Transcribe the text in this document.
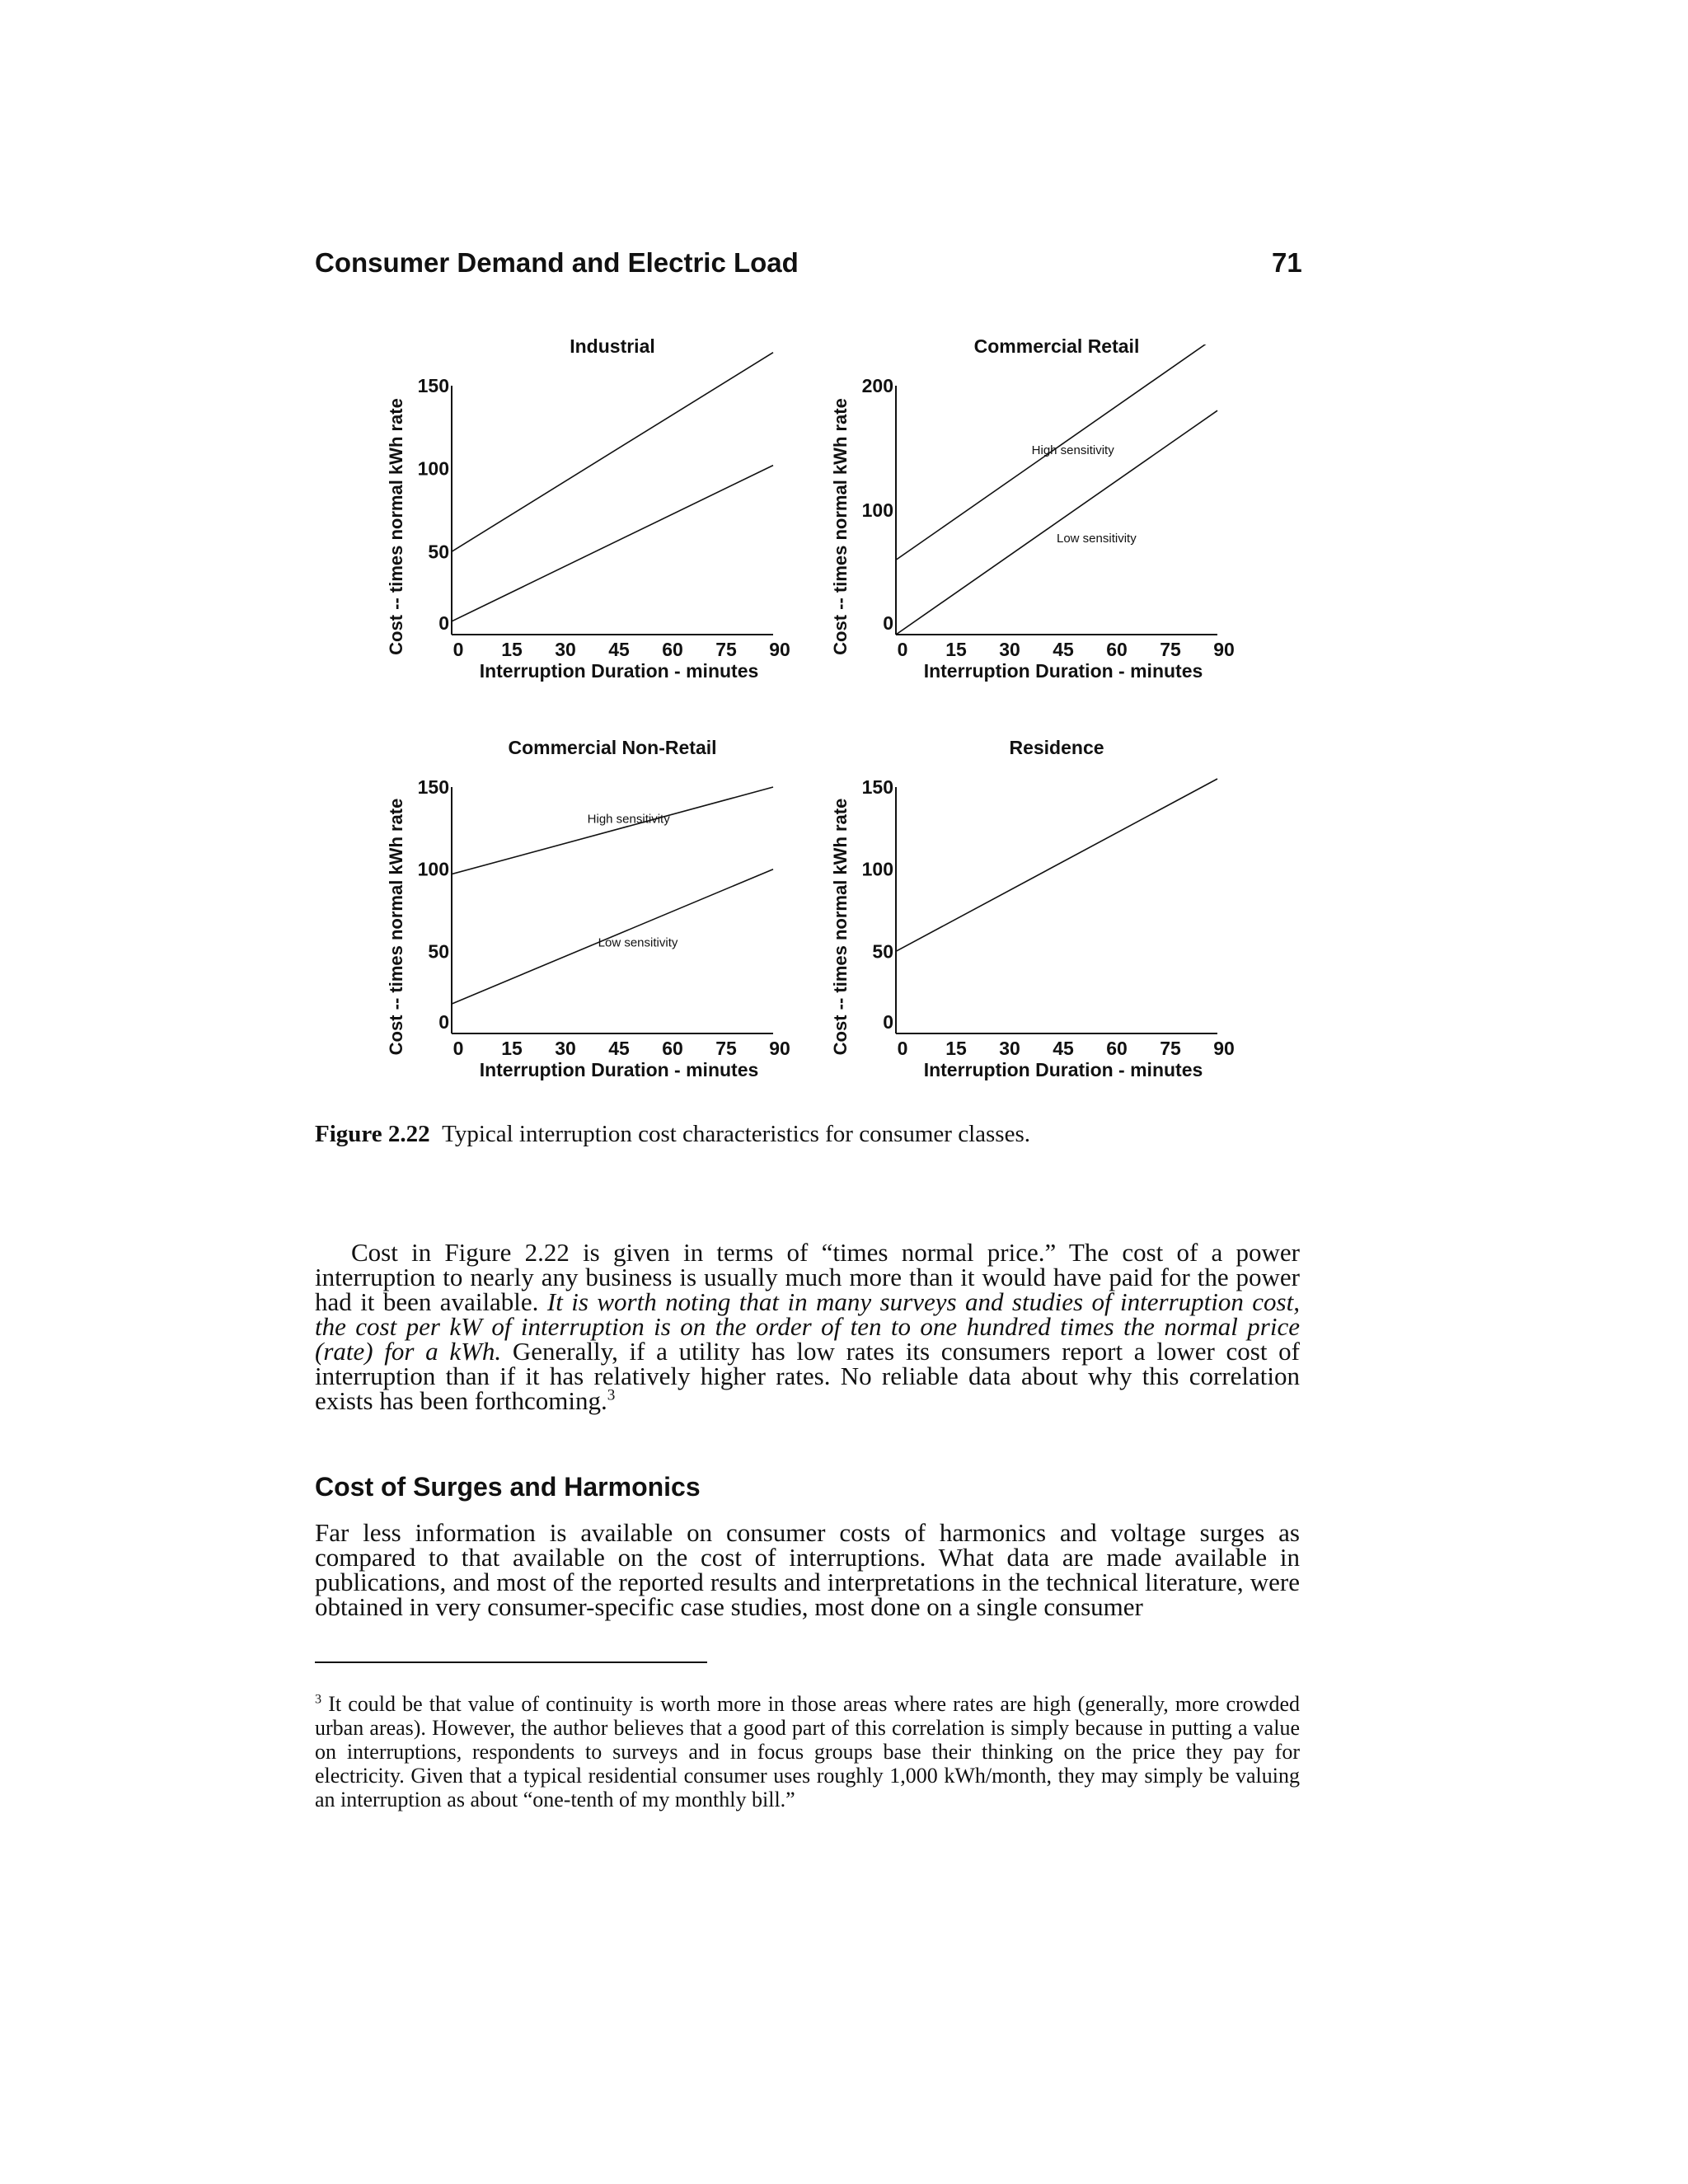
Consumer Demand and Electric Load	71
Industrial
0 15 30 45 60 75 90
0
50
100
150
Interruption Duration - minutes
Cost -- times normal kWh rate
Commercial Retail
0 15 30 45 60 75 90
0
100
200
Interruption Duration - minutes
Cost -- times normal kWh rate	High sensitivity
Low sensitivity
Commercial Non-Retail
0 15 30 45 60 75 90
0
50
100
150
Interruption Duration - minutes
Cost -- times normal kWh rate	High sensitivity
Low sensitivity
Residence
0 15 30 45 60 75 90
0
50
100
150
Interruption Duration - minutes
Cost -- times normal kWh rate
Figure 2.22 Typical interruption cost characteristics for consumer classes.
Cost in Figure 2.22 is given in terms of “times normal price.” The cost of a power interruption to nearly any business is usually much more than it would have paid for the power had it been available. It is worth noting that in many surveys and studies of interruption cost, the cost per kW of interruption is on the order of ten to one hundred times the normal price (rate) for a kWh. Generally, if a utility has low rates its consumers report a lower cost of interruption than if it has relatively higher rates. No reliable data about why this correlation exists has been forthcoming.$^3$
Cost of Surges and Harmonics
Far less information is available on consumer costs of harmonics and voltage surges as compared to that available on the cost of interruptions. What data are made available in publications, and most of the reported results and interpretations in the technical literature, were obtained in very consumer-specific case studies, most done on a single consumer
$^3$ It could be that value of continuity is worth more in those areas where rates are high (generally, more crowded urban areas). However, the author believes that a good part of this correlation is simply because in putting a value on interruptions, respondents to surveys and in focus groups base their thinking on the price they pay for electricity. Given that a typical residential consumer uses roughly 1,000 kWh/month, they may simply be valuing an interruption as about “one-tenth of my monthly bill.”
